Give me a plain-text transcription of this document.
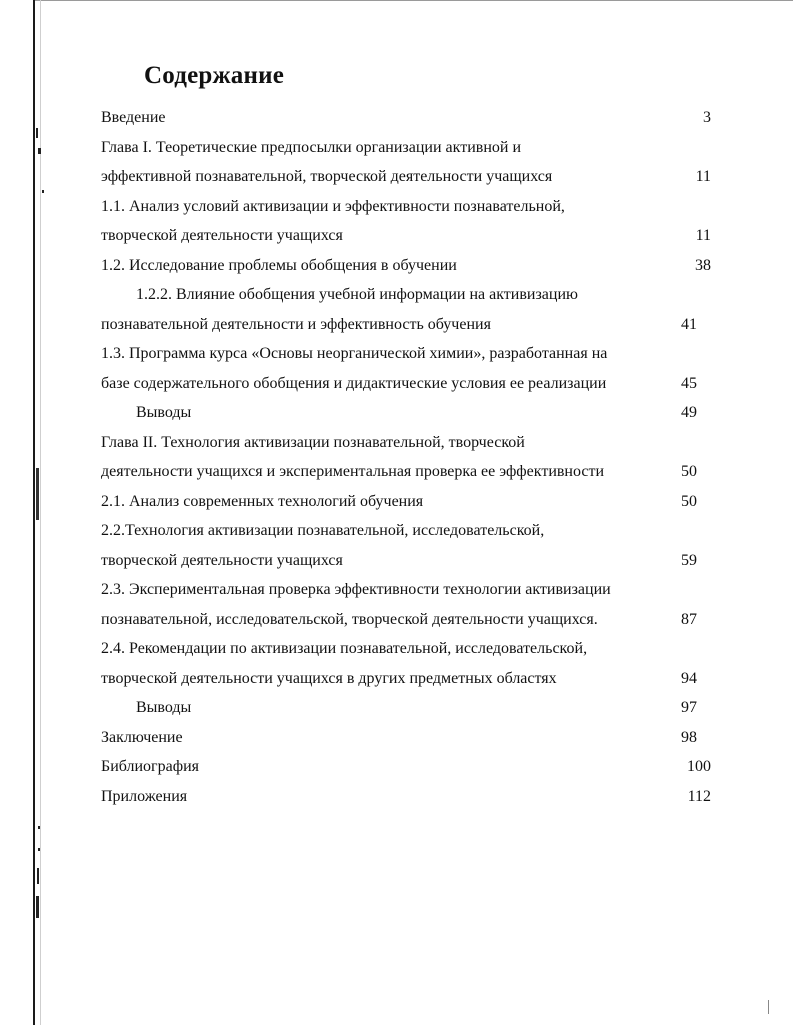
Содержание
Введение	3
Глава I. Теоретические предпосылки организации активной и
эффективной познавательной, творческой деятельности учащихся	11
1.1. Анализ условий активизации и эффективности познавательной,
творческой деятельности учащихся	11
1.2. Исследование проблемы обобщения в обучении	38
1.2.2. Влияние обобщения учебной информации на активизацию
познавательной деятельности и эффективность обучения	41
1.3. Программа курса «Основы неорганической химии», разработанная на
базе содержательного обобщения и дидактические условия ее реализации	45
Выводы	49
Глава II. Технология активизации познавательной, творческой
деятельности учащихся и экспериментальная проверка ее эффективности	50
2.1. Анализ современных технологий обучения	50
2.2.Технология активизации познавательной, исследовательской,
творческой деятельности учащихся	59
2.3. Экспериментальная проверка эффективности технологии активизации
познавательной, исследовательской, творческой деятельности учащихся.	87
2.4. Рекомендации по активизации познавательной, исследовательской,
творческой деятельности учащихся в других предметных областях	94
Выводы	97
Заключение	98
Библиография	100
Приложения	112
